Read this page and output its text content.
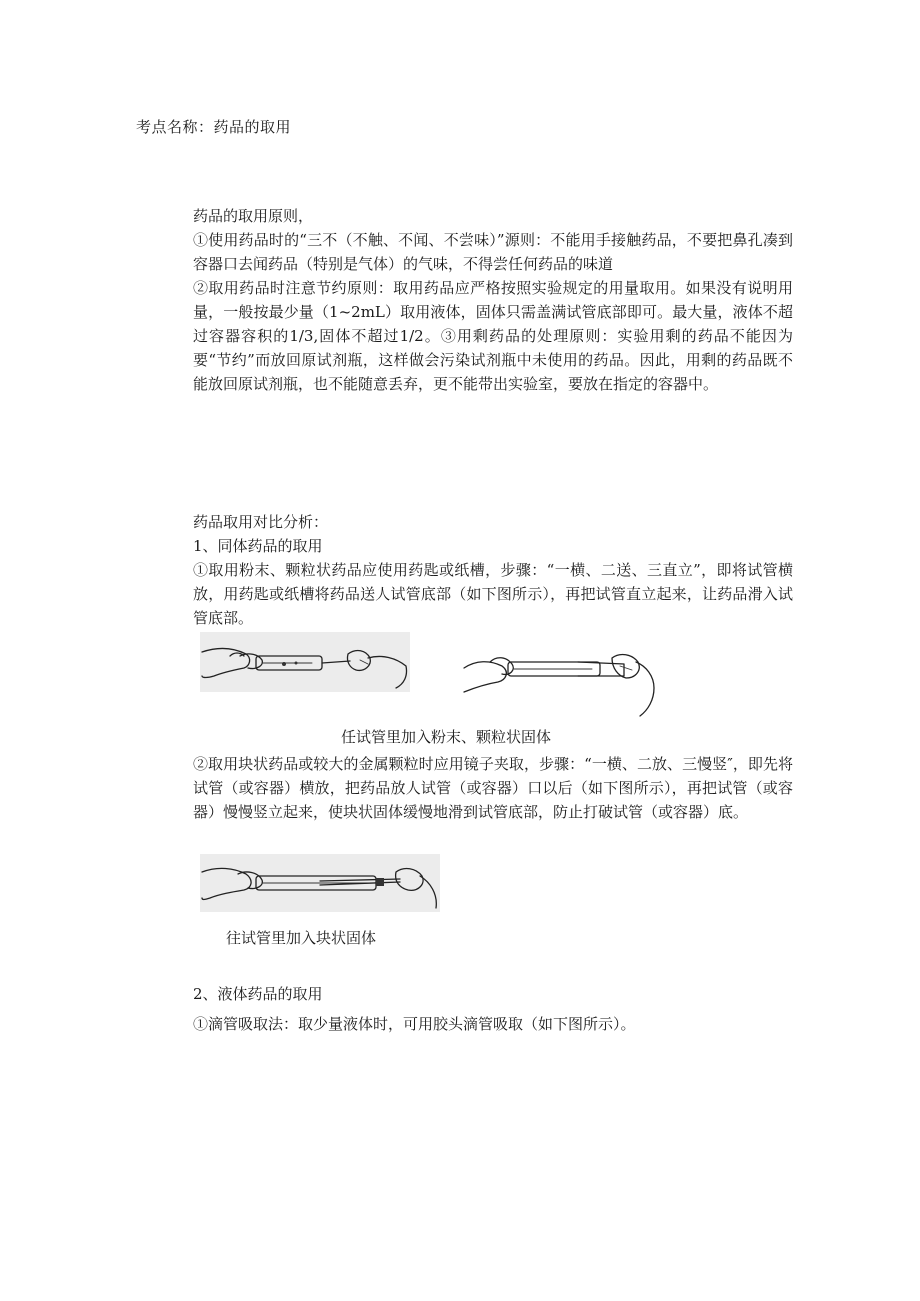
考点名称：药品的取用

药品的取用原则，

①使用药品时的“三不（不触、不闻、不尝味）”源则：不能用手接触药品，不要把鼻孔凑到容器口去闻药品（特别是气体）的气味，不得尝任何药品的味道

②取用药品时注意节约原则：取用药品应严格按照实验规定的用量取用。如果没有说明用量，一般按最少量（1~2mL）取用液体，固体只需盖满试管底部即可。最大量，液体不超过容器容积的1/3,固体不超过1/2。③用剩药品的处理原则：实验用剩的药品不能因为要“节约”而放回原试剂瓶，这样做会污染试剂瓶中未使用的药品。因此，用剩的药品既不能放回原试剂瓶，也不能随意丢弃，更不能带出实验室，要放在指定的容器中。

药品取用对比分析：

1、同体药品的取用

①取用粉末、颗粒状药品应使用药匙或纸槽，步骤：“一横、二送、三直立”，即将试管横放，用药匙或纸槽将药品送人试管底部（如下图所示），再把试管直立起来，让药品滑入试管底部。

任试管里加入粉末、颗粒状固体

②取用块状药品或较大的金属颗粒时应用镜子夹取，步骤：“一横、二放、三慢竖″，即先将试管（或容器）横放，把药品放人试管（或容器）口以后（如下图所示），再把试管（或容器）慢慢竖立起来，使块状固体缓慢地滑到试管底部，防止打破试管（或容器）底。

往试管里加入块状固体

2、液体药品的取用

①滴管吸取法：取少量液体时，可用胶头滴管吸取（如下图所示）。
